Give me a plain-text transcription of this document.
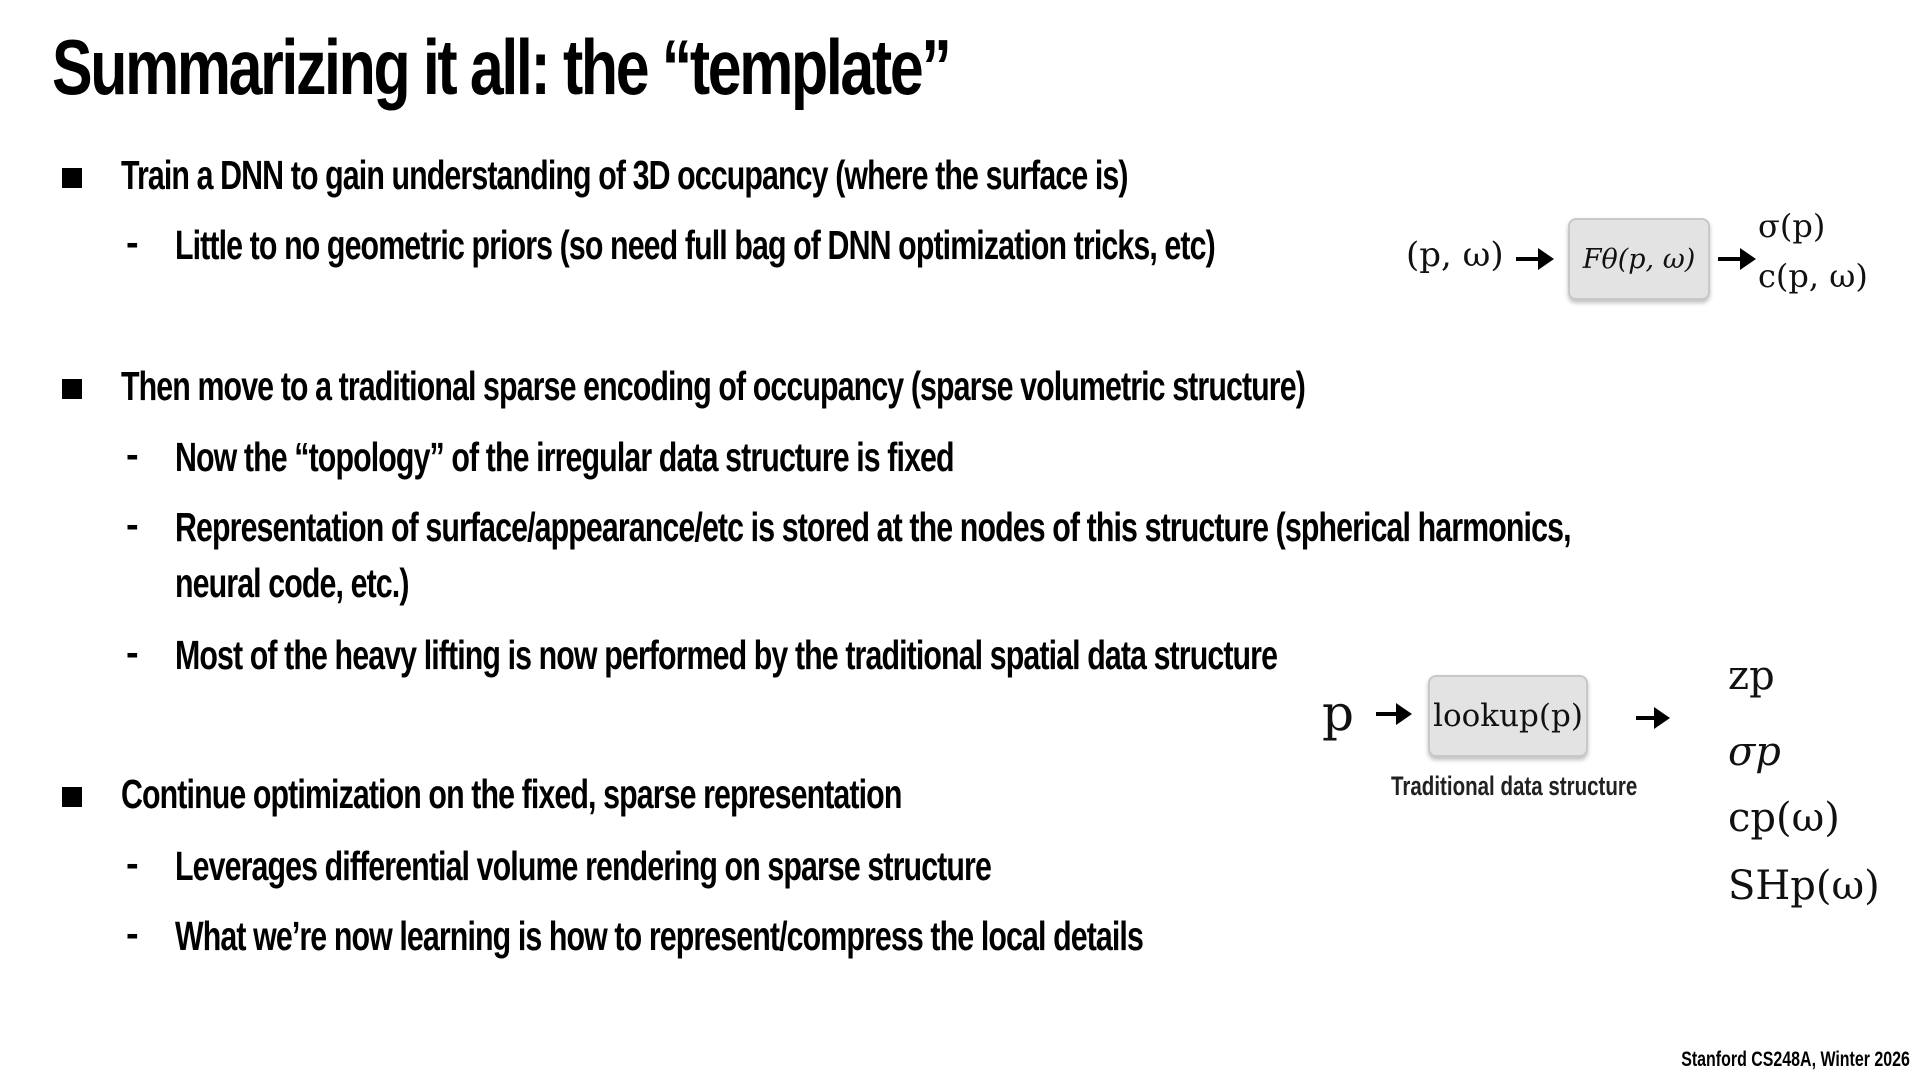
Summarizing it all: the “template”
Train a DNN to gain understanding of 3D occupancy (where the surface is)
- Little to no geometric priors (so need full bag of DNN optimization tricks, etc)
Then move to a traditional sparse encoding of occupancy (sparse volumetric structure)
- Now the “topology” of the irregular data structure is fixed
- Representation of surface/appearance/etc is stored at the nodes of this structure (spherical harmonics,
neural code, etc.)
- Most of the heavy lifting is now performed by the traditional spatial data structure
Continue optimization on the fixed, sparse representation
- Leverages differential volume rendering on sparse structure
- What we’re now learning is how to represent/compress the local details
(p, ω)	Fθ(p, ω)
σ(p)
c(p, ω)
p	lookup(p)
Traditional data structure
zp
σp
cp(ω)
SHp(ω)
Stanford CS248A, Winter 2026
